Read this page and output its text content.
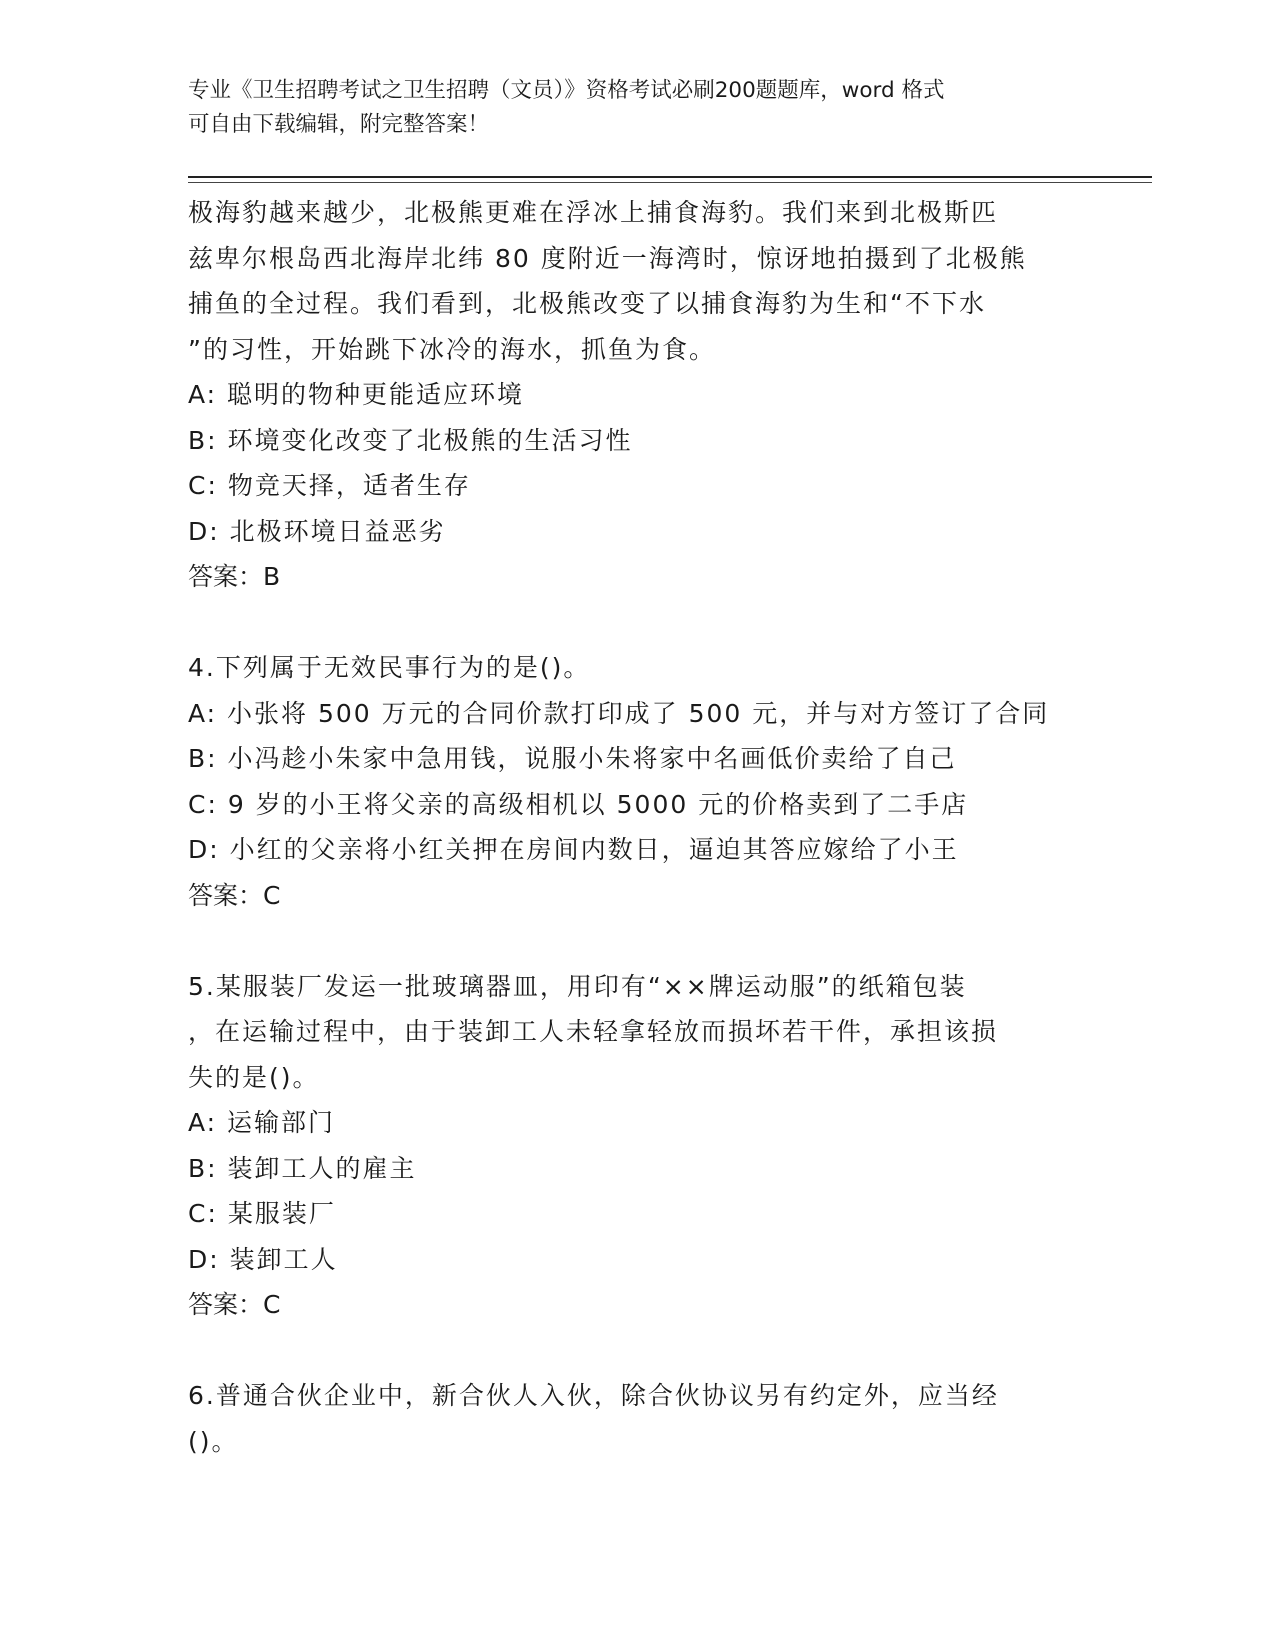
专业《卫生招聘考试之卫生招聘（文员）》资格考试必刷200题题库，word 格式
可自由下载编辑，附完整答案！
极海豹越来越少，北极熊更难在浮冰上捕食海豹。我们来到北极斯匹
兹卑尔根岛西北海岸北纬 80 度附近一海湾时，惊讶地拍摄到了北极熊
捕鱼的全过程。我们看到，北极熊改变了以捕食海豹为生和“不下水
”的习性，开始跳下冰冷的海水，抓鱼为食。
A: 聪明的物种更能适应环境
B: 环境变化改变了北极熊的生活习性
C: 物竞天择，适者生存
D: 北极环境日益恶劣
答案：B
4.下列属于无效民事行为的是()。
A: 小张将 500 万元的合同价款打印成了 500 元，并与对方签订了合同
B: 小冯趁小朱家中急用钱，说服小朱将家中名画低价卖给了自己
C: 9 岁的小王将父亲的高级相机以 5000 元的价格卖到了二手店
D: 小红的父亲将小红关押在房间内数日，逼迫其答应嫁给了小王
答案：C
5.某服装厂发运一批玻璃器皿，用印有“××牌运动服”的纸箱包装
，在运输过程中，由于装卸工人未轻拿轻放而损坏若干件，承担该损
失的是()。
A: 运输部门
B: 装卸工人的雇主
C: 某服装厂
D: 装卸工人
答案：C
6.普通合伙企业中，新合伙人入伙，除合伙协议另有约定外，应当经
()。
